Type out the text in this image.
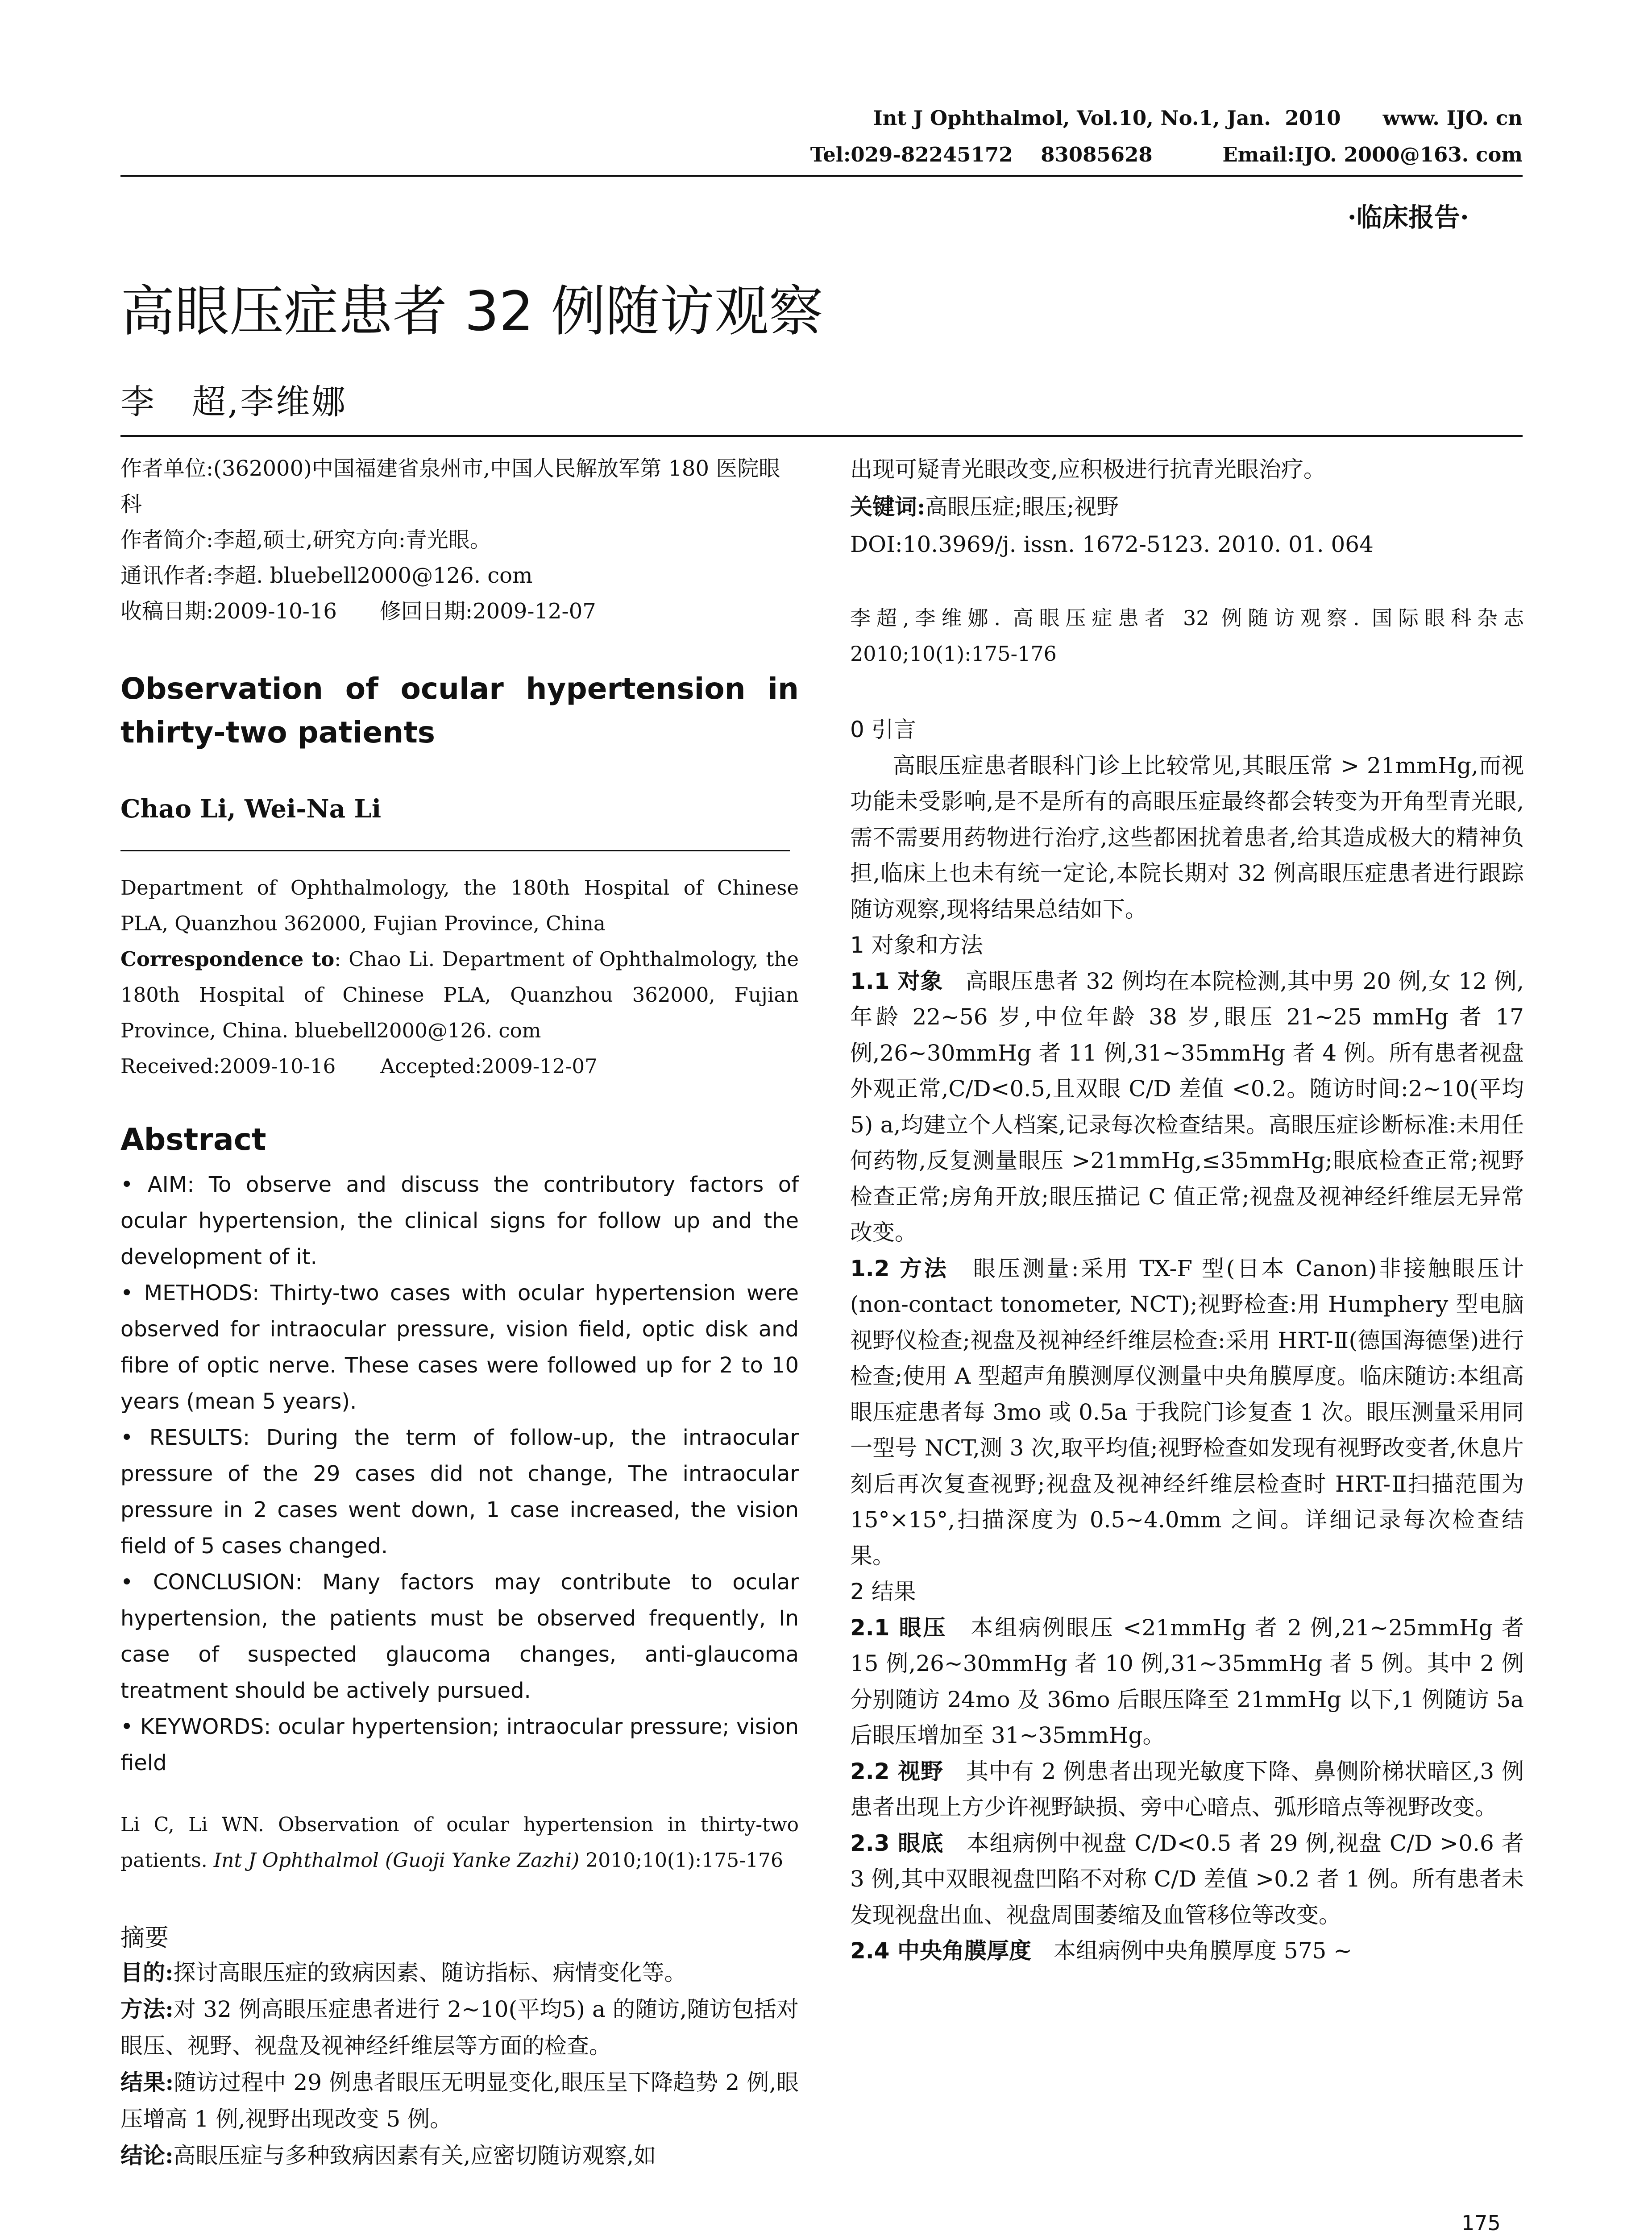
Int J Ophthalmol, Vol.10, No.1, Jan.  2010      www. IJO. cn
Tel:029-82245172    83085628          Email:IJO. 2000@163. com
·临床报告·
高眼压症患者 32 例随访观察
李　超,李维娜

作者单位:(362000)中国福建省泉州市,中国人民解放军第 180 医院眼科

作者简介:李超,硕士,研究方向:青光眼。

通讯作者:李超. bluebell2000@126. com

收稿日期:2009-10-16　　修回日期:2009-12-07

Observation of ocular hypertension in thirty-two patients
Chao Li, Wei-Na Li

Department of Ophthalmology, the 180th Hospital of Chinese PLA, Quanzhou 362000, Fujian Province, China

Correspondence to: Chao Li. Department of Ophthalmology, the 180th Hospital of Chinese PLA, Quanzhou 362000, Fujian Province, China. bluebell2000@126. com

Received:2009-10-16       Accepted:2009-12-07

Abstract

• AIM: To observe and discuss the contributory factors of ocular hypertension, the clinical signs for follow up and the development of it.

• METHODS: Thirty-two cases with ocular hypertension were observed for intraocular pressure, vision field, optic disk and fibre of optic nerve. These cases were followed up for 2 to 10 years (mean 5 years).

• RESULTS: During the term of follow-up, the intraocular pressure of the 29 cases did not change, The intraocular pressure in 2 cases went down, 1 case increased, the vision field of 5 cases changed.

• CONCLUSION: Many factors may contribute to ocular hypertension, the patients must be observed frequently, In case of suspected glaucoma changes, anti-glaucoma treatment should be actively pursued.

• KEYWORDS: ocular hypertension; intraocular pressure; vision field

Li C, Li WN. Observation of ocular hypertension in thirty-two patients. Int J Ophthalmol (Guoji Yanke Zazhi) 2010;10(1):175-176
摘要

目的:探讨高眼压症的致病因素、随访指标、病情变化等。

方法:对 32 例高眼压症患者进行 2~10(平均5) a 的随访,随访包括对眼压、视野、视盘及视神经纤维层等方面的检查。

结果:随访过程中 29 例患者眼压无明显变化,眼压呈下降趋势 2 例,眼压增高 1 例,视野出现改变 5 例。

结论:高眼压症与多种致病因素有关,应密切随访观察,如

出现可疑青光眼改变,应积极进行抗青光眼治疗。

关键词:高眼压症;眼压;视野

DOI:10.3969/j. issn. 1672-5123. 2010. 01. 064

李超,李维娜. 高眼压症患者 32 例随访观察. 国际眼科杂志 2010;10(1):175-176

0 引言

高眼压症患者眼科门诊上比较常见,其眼压常 > 21mmHg,而视功能未受影响,是不是所有的高眼压症最终都会转变为开角型青光眼,需不需要用药物进行治疗,这些都困扰着患者,给其造成极大的精神负担,临床上也未有统一定论,本院长期对 32 例高眼压症患者进行跟踪随访观察,现将结果总结如下。

1 对象和方法

1.1 对象　高眼压患者 32 例均在本院检测,其中男 20 例,女 12 例,年龄 22~56 岁,中位年龄 38 岁,眼压 21~25 mmHg 者 17 例,26~30mmHg 者 11 例,31~35mmHg 者 4 例。所有患者视盘外观正常,C/D<0.5,且双眼 C/D 差值 <0.2。随访时间:2~10(平均 5) a,均建立个人档案,记录每次检查结果。高眼压症诊断标准:未用任何药物,反复测量眼压 >21mmHg,≤35mmHg;眼底检查正常;视野检查正常;房角开放;眼压描记 C 值正常;视盘及视神经纤维层无异常改变。

1.2 方法　眼压测量:采用 TX-F 型(日本 Canon)非接触眼压计(non-contact tonometer, NCT);视野检查:用 Humphery 型电脑视野仪检查;视盘及视神经纤维层检查:采用 HRT-Ⅱ(德国海德堡)进行检查;使用 A 型超声角膜测厚仪测量中央角膜厚度。临床随访:本组高眼压症患者每 3mo 或 0.5a 于我院门诊复查 1 次。眼压测量采用同一型号 NCT,测 3 次,取平均值;视野检查如发现有视野改变者,休息片刻后再次复查视野;视盘及视神经纤维层检查时 HRT-Ⅱ扫描范围为 15°×15°,扫描深度为 0.5~4.0mm 之间。详细记录每次检查结果。

2 结果

2.1 眼压　本组病例眼压 <21mmHg 者 2 例,21~25mmHg 者 15 例,26~30mmHg 者 10 例,31~35mmHg 者 5 例。其中 2 例分别随访 24mo 及 36mo 后眼压降至 21mmHg 以下,1 例随访 5a 后眼压增加至 31~35mmHg。

2.2 视野　其中有 2 例患者出现光敏度下降、鼻侧阶梯状暗区,3 例患者出现上方少许视野缺损、旁中心暗点、弧形暗点等视野改变。

2.3 眼底　本组病例中视盘 C/D<0.5 者 29 例,视盘 C/D >0.6 者 3 例,其中双眼视盘凹陷不对称 C/D 差值 >0.2 者 1 例。所有患者未发现视盘出血、视盘周围萎缩及血管移位等改变。

2.4 中央角膜厚度　本组病例中央角膜厚度 575 ~

175
